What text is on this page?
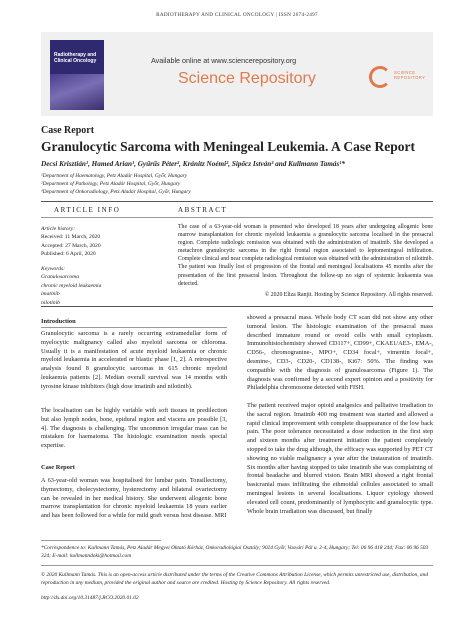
RADIOTHERAPY AND CLINICAL ONCOLOGY | ISSN 2674-2497
Radiotherapy and Clinical Oncology	Available online at www.sciencerepository.org
Science Repository	SCIENCE
REPOSITORY
Case Report
Granulocytic Sarcoma with Meningeal Leukemia. A Case Report
Decsi Krisztián¹, Hamed Arian¹, Gyűrűs Péter², Kránitz Noémi², Sipőcz István³ and Kullmann Tamás¹*
¹Department of Haematology, Petz Aladár Hospital, Győr, Hungary
²Department of Pathology, Petz Aladár Hospital, Győr, Hungary
³Department of Onkoradiology, Petz Aladár Hospital, Győr, Hungary
ARTICLE INFO	ABSTRACT
Article history:
Received: 11 March, 2020
Accepted: 27 March, 2020
Published: 6 April, 2020
Keywords:
Granulosarcoma
chronic myeloid leukaemia
imatinib
nilotinib
The case of a 63-year-old woman is presented who developed 18 years after undergoing allogenic bone marrow transplantation for chronic myeloid leukaemia a granulocytic sarcoma localised in the presacral region. Complete radiologic remission was obtained with the administration of imatinib. She developed a metachron granulocytic sarcoma in the right frontal region associated to leptomeningeal infiltration. Complete clinical and near complete radiological remission was obtained with the administration of nilotinib. The patient was finally lost of progression of the frontal and meningeal localisations 45 months after the presentation of the first presacral lesion. Throughout the follow-up no sign of systemic leukaemia was detected.
© 2020 Eliza Ranjit. Hosting by Science Repository. All rights reserved.
Introduction
Granulocytic sarcoma is a rarely occurring extramedullar form of myelocytic malignancy called also myeloid sarcoma or chloroma. Usually it is a manifestation of acute myeloid leukaemia or chronic myeloid leukaemia in accelerated or blastic phase [1, 2]. A retrospective analysis found 8 granulocytic sarcomas in 615 chronic myeloid leukaemia patients [2]. Median overall survival was 14 months with tyrosine kinase inhibitors (high dose imatinib and nilotinib).
The localisation can be highly variable with soft tissues in predilection but also lymph nodes, bone, epidural region and viscera are possible [3, 4]. The diagnosis is challenging. The uncommon irregular mass can be mistaken for haematoma. The histologic examination needs special expertise.
Case Report
A 63-year-old woman was hospitalised for lumbar pain. Tonsillectomy, thymectomy, cholecystectomy, hysterectomy and bilateral ovariectomy can be revealed in her medical history. She underwent allogenic bone marrow transplantation for chronic myeloid leukaemia 18 years earlier and has been followed for a while for mild graft versus host disease. MRI
showed a presacral mass. Whole body CT scan did not show any other tumoral lesion. The histologic examination of the presacral mass described immature round or ovoid cells with small cytoplasm. Immunohistochemistry showed CD117+, CD99+, CKAE1/AE3-, EMA-, CD56-, chromogranine-, MPO+, CD34 focal+, vimentin focal+, desmine-, CD3-, CD20-, CD138-, Ki67: 50%. The finding was compatible with the diagnosis of granulosarcoma (Figure 1). The diagnosis was confirmed by a second expert opinion and a positivity for Philadelphia chromosome detected with FISH.
The patient received major opioid analgesics and palliative irradiation to the sacral region. Imatinib 400 mg treatment was started and allowed a rapid clinical improvement with complete disappearance of the low back pain. The poor tolerance necessitated a dose reduction in the first step and sixteen months after treatment initiation the patient completely stopped to take the drug although, the efficacy was supported by PET CT showing no viable malignancy a year after the instauration of imatinib. Six months after having stopped to take imatinib she was complaining of frontal headache and blurred vision. Brain MRI showed a right frontal basicranial mass infiltrating the ethmoidal cellules associated to small meningeal lesions in several localisations. Liquor cytology showed elevated cell count, predominantly of lymphocytic and granulocytic type. Whole brain irradiation was discussed, but finally
*Correspondence to: Kullmann Tamás, Petz Aladár Megyei Oktató Kórház, Onkoradiológiai Osztály; 9024 Győr, Vasvári Pál u. 2-4, Hungary; Tel: 06 96 418 244; Fax: 06 96 503 324; E-mail: kullmanndoki@hotmail.com
© 2020 Kullmann Tamás. This is an open-access article distributed under the terms of the Creative Commons Attribution License, which permits unrestricted use, distribution, and reproduction in any medium, provided the original author and source are credited. Hosting by Science Repository. All rights reserved.
http://dx.doi.org/10.31487/j.RCO.2020.01.02
